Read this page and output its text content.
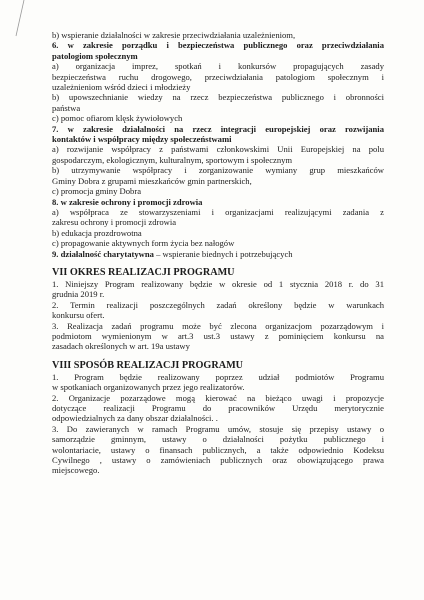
b) wspieranie działalności w zakresie przeciwdziałania uzależnieniom,
6. w zakresie porządku i bezpieczeństwa publicznego oraz przeciwdziałania
patologiom społecznym
a) organizacja imprez, spotkań i konkursów propagujących zasady
bezpieczeństwa ruchu drogowego, przeciwdziałania patologiom społecznym i
uzależnieniom wśród dzieci i młodzieży
b) upowszechnianie wiedzy na rzecz bezpieczeństwa publicznego i obronności
państwa
c) pomoc ofiarom klęsk żywiołowych
7. w zakresie działalności na rzecz integracji europejskiej oraz rozwijania
kontaktów i współpracy między społeczeństwami
a) rozwijanie współpracy z państwami członkowskimi Unii Europejskiej na polu
gospodarczym, ekologicznym, kulturalnym, sportowym i społecznym
b) utrzymywanie współpracy i zorganizowanie wymiany grup mieszkańców
Gminy Dobra z grupami mieszkańców gmin partnerskich,
c) promocja gminy Dobra
8. w zakresie ochrony i promocji zdrowia
a) współpraca ze stowarzyszeniami i organizacjami realizującymi zadania z
zakresu ochrony i promocji zdrowia
b) edukacja prozdrowotna
c) propagowanie aktywnych form życia bez nałogów
9. działalność charytatywna – wspieranie biednych i potrzebujących
VII OKRES REALIZACJI PROGRAMU
1. Niniejszy Program realizowany będzie w okresie od 1 stycznia 2018 r. do 31
grudnia 2019 r.
2. Termin realizacji poszczególnych zadań określony będzie w warunkach
konkursu ofert.
3. Realizacja zadań programu może być zlecona organizacjom pozarządowym i
podmiotom wymienionym w art.3 ust.3 ustawy z pominięciem konkursu na
zasadach określonych w art. 19a ustawy
VIII SPOSÓB REALIZACJI PROGRAMU
1. Program będzie realizowany poprzez udział podmiotów Programu
w spotkaniach organizowanych przez jego realizatorów.
2. Organizacje pozarządowe mogą kierować na bieżąco uwagi i propozycje
dotyczące realizacji Programu do pracowników Urzędu merytorycznie
odpowiedzialnych za dany obszar działalności. .
3. Do zawieranych w ramach Programu umów, stosuje się przepisy ustawy o
samorządzie gminnym, ustawy o działalności pożytku publicznego i
wolontariacie, ustawy o finansach publicznych, a także odpowiednio Kodeksu
Cywilnego , ustawy o zamówieniach publicznych oraz obowiązującego prawa
miejscowego.
